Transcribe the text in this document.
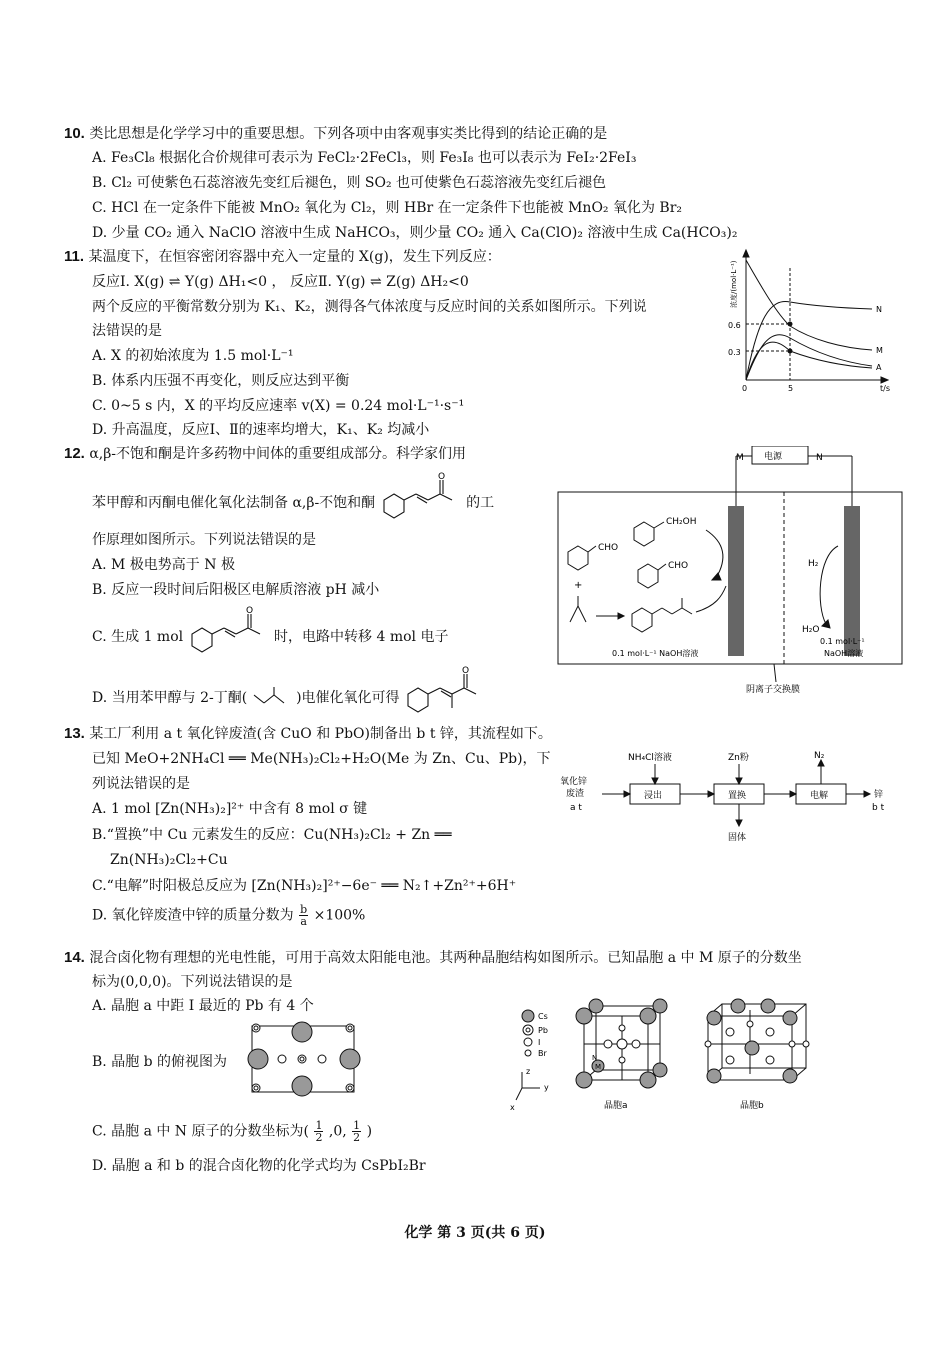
10. 类比思想是化学学习中的重要思想。下列各项中由客观事实类比得到的结论正确的是
A. Fe₃Cl₈ 根据化合价规律可表示为 FeCl₂·2FeCl₃，则 Fe₃I₈ 也可以表示为 FeI₂·2FeI₃
B. Cl₂ 可使紫色石蕊溶液先变红后褪色，则 SO₂ 也可使紫色石蕊溶液先变红后褪色
C. HCl 在一定条件下能被 MnO₂ 氧化为 Cl₂，则 HBr 在一定条件下也能被 MnO₂ 氧化为 Br₂
D. 少量 CO₂ 通入 NaClO 溶液中生成 NaHCO₃，则少量 CO₂ 通入 Ca(ClO)₂ 溶液中生成 Ca(HCO₃)₂
11. 某温度下，在恒容密闭容器中充入一定量的 X(g)，发生下列反应：
反应Ⅰ. X(g) ⇌ Y(g) ΔH₁<0 ， 反应Ⅱ. Y(g) ⇌ Z(g) ΔH₂<0
两个反应的平衡常数分别为 K₁、K₂，测得各气体浓度与反应时间的关系如图所示。下列说
法错误的是
A. X 的初始浓度为 1.5 mol·L⁻¹
B. 体系内压强不再变化，则反应达到平衡
C. 0~5 s 内，X 的平均反应速率 v(X) = 0.24 mol·L⁻¹·s⁻¹
D. 升高温度，反应Ⅰ、Ⅱ的速率均增大，K₁、K₂ 均减小
0.6
0.3
0	5	t/s
N
M
A
浓度/(mol·L⁻¹)
12. α,β-不饱和酮是许多药物中间体的重要组成部分。科学家们用
苯甲醇和丙酮电催化氧化法制备 α,β-不饱和酮
O
的工
作原理如图所示。下列说法错误的是
A. M 极电势高于 N 极
B. 反应一段时间后阳极区电解质溶液 pH 减小
C. 生成 1 mol
O
时，电路中转移 4 mol 电子
D. 当用苯甲醇与 2-丁酮(	)电催化氧化可得
O
M	N
电源
CH₂OH
CHO
CHO
+
H₂
H₂O
0.1 mol·L⁻¹ NaOH溶液
0.1 mol·L⁻¹
NaOH溶液
阴离子交换膜
13. 某工厂利用 a t 氧化锌废渣(含 CuO 和 PbO)制备出 b t 锌，其流程如下。
已知 MeO+2NH₄Cl ══ Me(NH₃)₂Cl₂+H₂O(Me 为 Zn、Cu、Pb)，下
列说法错误的是
A. 1 mol [Zn(NH₃)₂]²⁺ 中含有 8 mol σ 键
B.“置换”中 Cu 元素发生的反应：Cu(NH₃)₂Cl₂ + Zn ══
Zn(NH₃)₂Cl₂+Cu
C.“电解”时阳极总反应为 [Zn(NH₃)₂]²⁺−6e⁻ ══ N₂↑+Zn²⁺+6H⁺
D. 氧化锌废渣中锌的质量分数为 $\frac{b}{a} \times 100\%$
NH₄Cl溶液	Zn粉	N₂
氧化锌
废渣
a t
浸出	置换	电解
固体
锌
b t
14. 混合卤化物有理想的光电性能，可用于高效太阳能电池。其两种晶胞结构如图所示。已知晶胞 a 中 M 原子的分数坐
标为(0,0,0)。下列说法错误的是
A. 晶胞 a 中距 I 最近的 Pb 有 4 个
B. 晶胞 b 的俯视图为
C. 晶胞 a 中 N 原子的分数坐标为( $\frac{1}{2} ,0$, $\frac{1}{2}$ )
D. 晶胞 a 和 b 的混合卤化物的化学式均为 CsPbI₂Br
Cs
Pb
I
Br
z
y
x
N
M
晶胞a	晶胞b
化学 第 3 页(共 6 页)
